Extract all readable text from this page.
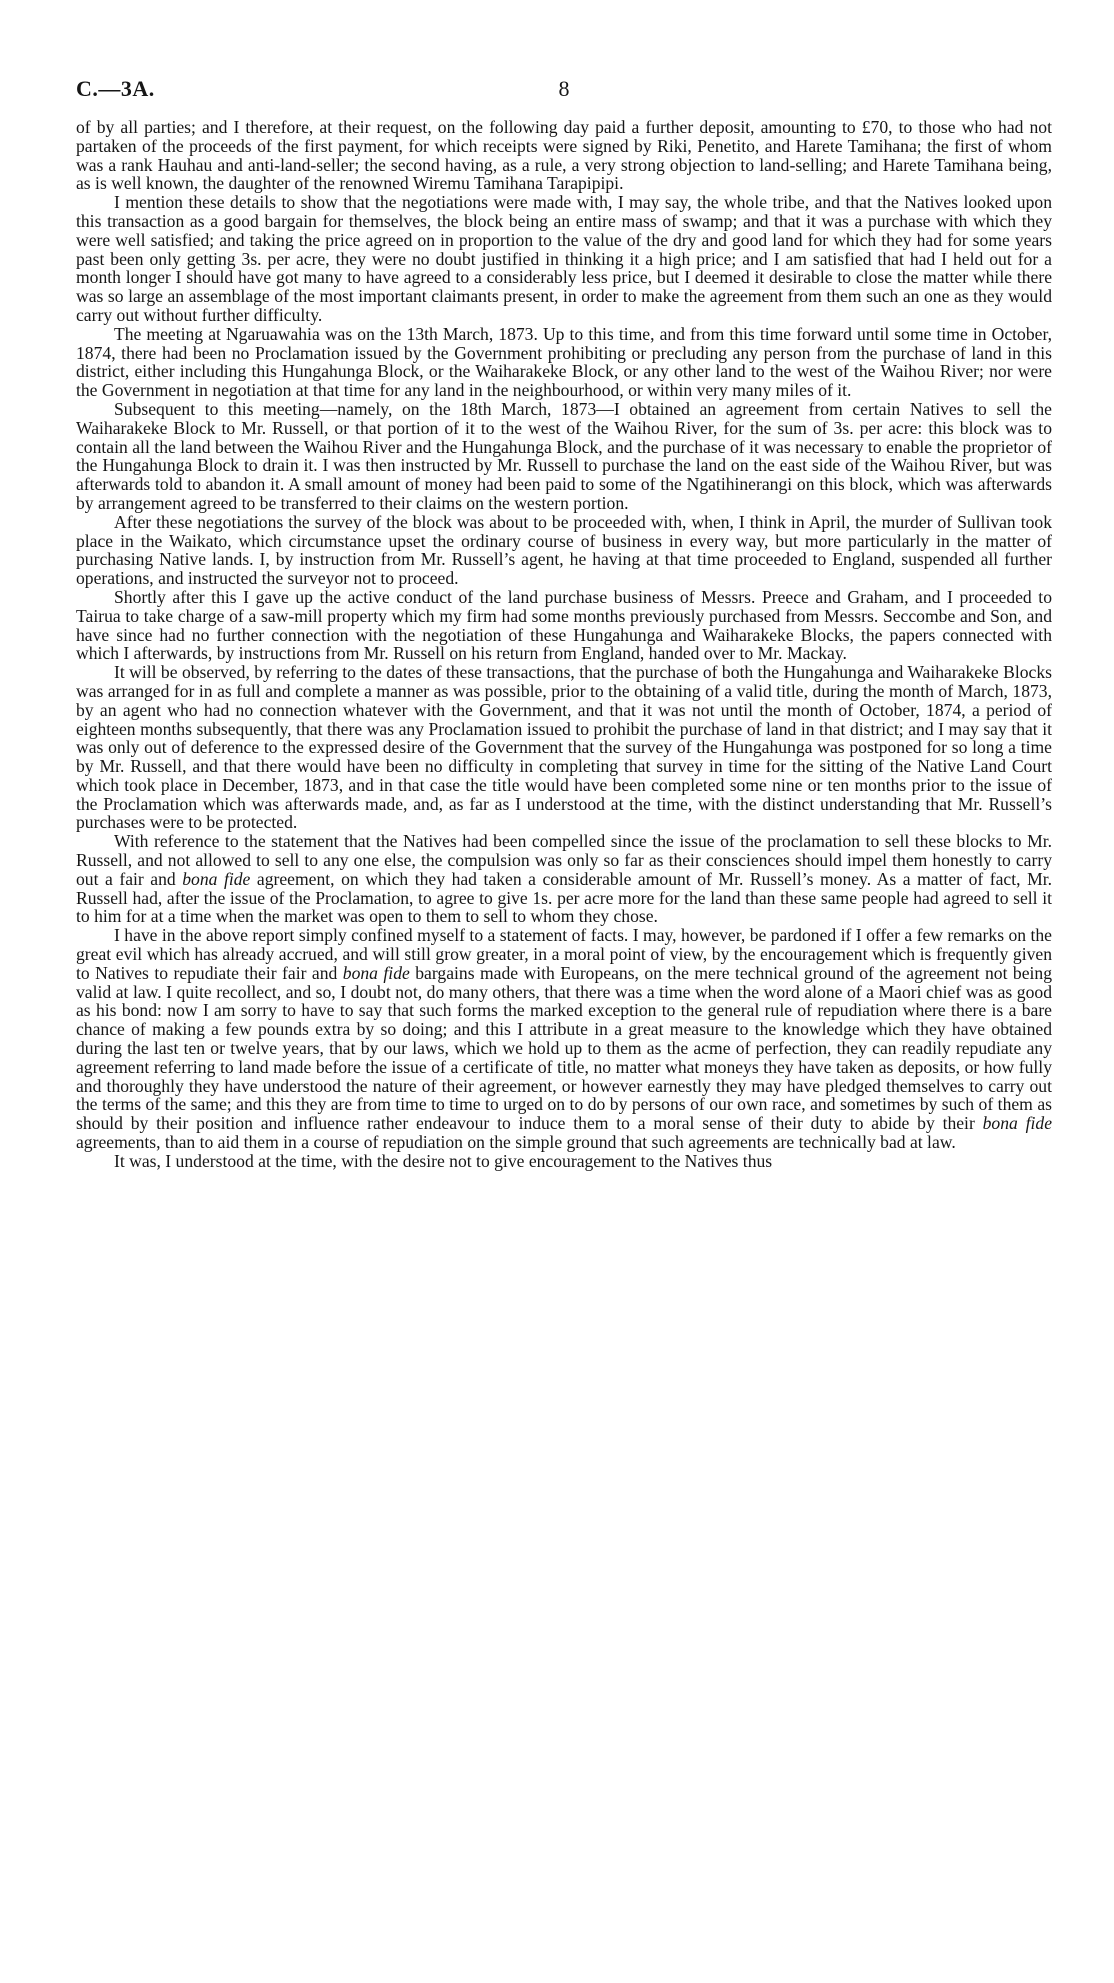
C.—3A.	8

of by all parties; and I therefore, at their request, on the following day paid a further deposit, amounting to £70, to those who had not partaken of the proceeds of the first payment, for which receipts were signed by Riki, Penetito, and Harete Tamihana; the first of whom was a rank Hauhau and anti-land-seller; the second having, as a rule, a very strong objection to land-selling; and Harete Tamihana being, as is well known, the daughter of the renowned Wiremu Tamihana Tarapipipi.

I mention these details to show that the negotiations were made with, I may say, the whole tribe, and that the Natives looked upon this transaction as a good bargain for themselves, the block being an entire mass of swamp; and that it was a purchase with which they were well satisfied; and taking the price agreed on in proportion to the value of the dry and good land for which they had for some years past been only getting 3s. per acre, they were no doubt justified in thinking it a high price; and I am satisfied that had I held out for a month longer I should have got many to have agreed to a considerably less price, but I deemed it desirable to close the matter while there was so large an assemblage of the most important claimants present, in order to make the agreement from them such an one as they would carry out without further difficulty.

The meeting at Ngaruawahia was on the 13th March, 1873. Up to this time, and from this time forward until some time in October, 1874, there had been no Proclamation issued by the Government prohibiting or precluding any person from the purchase of land in this district, either including this Hungahunga Block, or the Waiharakeke Block, or any other land to the west of the Waihou River; nor were the Government in negotiation at that time for any land in the neighbourhood, or within very many miles of it.

Subsequent to this meeting—namely, on the 18th March, 1873—I obtained an agreement from certain Natives to sell the Waiharakeke Block to Mr. Russell, or that portion of it to the west of the Waihou River, for the sum of 3s. per acre: this block was to contain all the land between the Waihou River and the Hungahunga Block, and the purchase of it was necessary to enable the proprietor of the Hungahunga Block to drain it. I was then instructed by Mr. Russell to purchase the land on the east side of the Waihou River, but was afterwards told to abandon it. A small amount of money had been paid to some of the Ngatihinerangi on this block, which was afterwards by arrangement agreed to be transferred to their claims on the western portion.

After these negotiations the survey of the block was about to be proceeded with, when, I think in April, the murder of Sullivan took place in the Waikato, which circumstance upset the ordinary course of business in every way, but more particularly in the matter of purchasing Native lands. I, by instruction from Mr. Russell’s agent, he having at that time proceeded to England, suspended all further operations, and instructed the surveyor not to proceed.

Shortly after this I gave up the active conduct of the land purchase business of Messrs. Preece and Graham, and I proceeded to Tairua to take charge of a saw-mill property which my firm had some months previously purchased from Messrs. Seccombe and Son, and have since had no further connection with the negotiation of these Hungahunga and Waiharakeke Blocks, the papers connected with which I afterwards, by instructions from Mr. Russell on his return from England, handed over to Mr. Mackay.

It will be observed, by referring to the dates of these transactions, that the purchase of both the Hungahunga and Waiharakeke Blocks was arranged for in as full and complete a manner as was possible, prior to the obtaining of a valid title, during the month of March, 1873, by an agent who had no connection whatever with the Government, and that it was not until the month of October, 1874, a period of eighteen months subsequently, that there was any Proclamation issued to prohibit the purchase of land in that district; and I may say that it was only out of deference to the expressed desire of the Government that the survey of the Hungahunga was postponed for so long a time by Mr. Russell, and that there would have been no difficulty in completing that survey in time for the sitting of the Native Land Court which took place in December, 1873, and in that case the title would have been completed some nine or ten months prior to the issue of the Proclamation which was afterwards made, and, as far as I understood at the time, with the distinct understanding that Mr. Russell’s purchases were to be protected.

With reference to the statement that the Natives had been compelled since the issue of the proclamation to sell these blocks to Mr. Russell, and not allowed to sell to any one else, the compulsion was only so far as their consciences should impel them honestly to carry out a fair and bona fide agreement, on which they had taken a considerable amount of Mr. Russell’s money. As a matter of fact, Mr. Russell had, after the issue of the Proclamation, to agree to give 1s. per acre more for the land than these same people had agreed to sell it to him for at a time when the market was open to them to sell to whom they chose.

I have in the above report simply confined myself to a statement of facts. I may, however, be pardoned if I offer a few remarks on the great evil which has already accrued, and will still grow greater, in a moral point of view, by the encouragement which is frequently given to Natives to repudiate their fair and bona fide bargains made with Europeans, on the mere technical ground of the agreement not being valid at law. I quite recollect, and so, I doubt not, do many others, that there was a time when the word alone of a Maori chief was as good as his bond: now I am sorry to have to say that such forms the marked exception to the general rule of repudiation where there is a bare chance of making a few pounds extra by so doing; and this I attribute in a great measure to the knowledge which they have obtained during the last ten or twelve years, that by our laws, which we hold up to them as the acme of perfection, they can readily repudiate any agreement referring to land made before the issue of a certificate of title, no matter what moneys they have taken as deposits, or how fully and thoroughly they have understood the nature of their agreement, or however earnestly they may have pledged themselves to carry out the terms of the same; and this they are from time to time to urged on to do by persons of our own race, and sometimes by such of them as should by their position and influence rather endeavour to induce them to a moral sense of their duty to abide by their bona fide agreements, than to aid them in a course of repudiation on the simple ground that such agreements are technically bad at law.

It was, I understood at the time, with the desire not to give encouragement to the Natives thus
